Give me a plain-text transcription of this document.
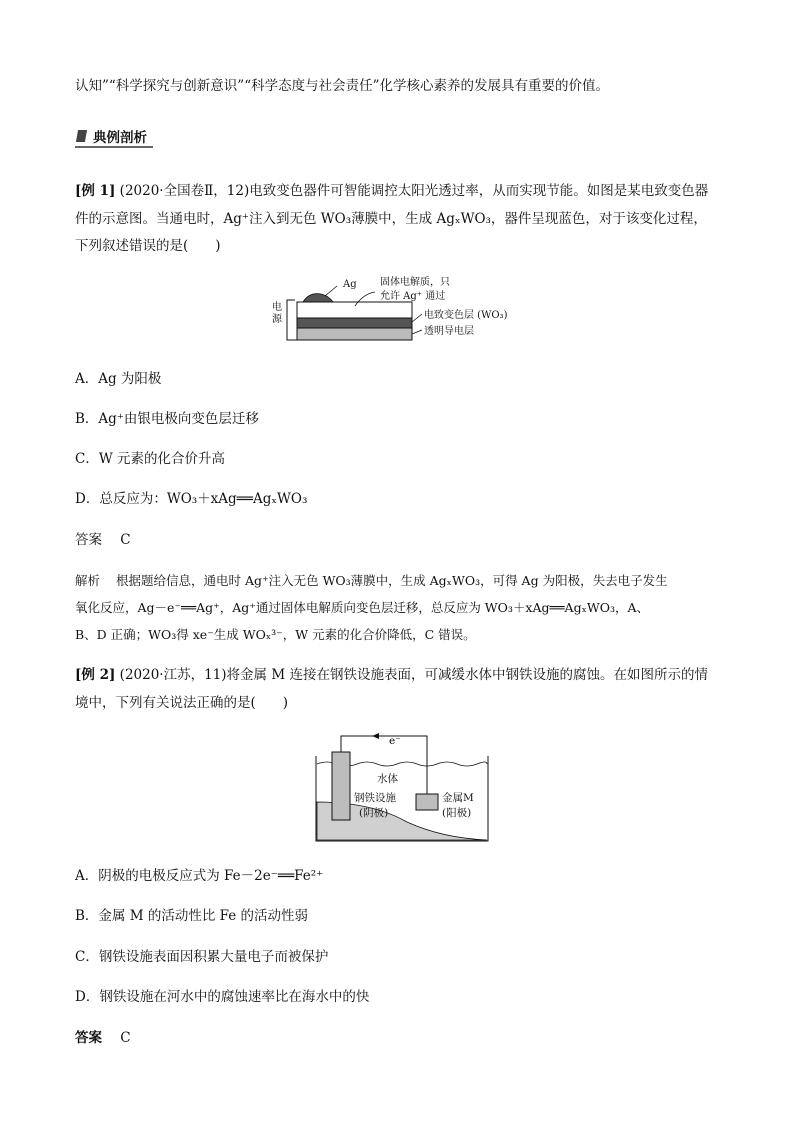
认知”“科学探究与创新意识”“科学态度与社会责任”化学核心素养的发展具有重要的价值。
典例剖析
[例 1] (2020·全国卷Ⅱ，12)电致变色器件可智能调控太阳光透过率，从而实现节能。如图是某电致变色器
件的示意图。当通电时，Ag⁺注入到无色 WO₃薄膜中，生成 AgₓWO₃，器件呈现蓝色，对于该变化过程，
下列叙述错误的是(　　)
Ag 固体电解质，只
允许 Ag⁺ 通过
电致变色层 (WO₃)
透明导电层
电源
A．Ag 为阳极
B．Ag⁺由银电极向变色层迁移
C．W 元素的化合价升高
D．总反应为：WO₃＋xAg══AgₓWO₃
答案 C
解析 根据题给信息，通电时 Ag⁺注入无色 WO₃薄膜中，生成 AgₓWO₃，可得 Ag 为阳极，失去电子发生
氧化反应，Ag－e⁻══Ag⁺，Ag⁺通过固体电解质向变色层迁移，总反应为 WO₃＋xAg══AgₓWO₃，A、
B、D 正确；WO₃得 xe⁻生成 WOₓ³⁻，W 元素的化合价降低，C 错误。
[例 2] (2020·江苏，11)将金属 M 连接在钢铁设施表面，可减缓水体中钢铁设施的腐蚀。在如图所示的情
境中，下列有关说法正确的是(　　)
e⁻
水体
钢铁设施
(阴极)
金属M
(阳极)
A．阴极的电极反应式为 Fe－2e⁻══Fe²⁺
B．金属 M 的活动性比 Fe 的活动性弱
C．钢铁设施表面因积累大量电子而被保护
D．钢铁设施在河水中的腐蚀速率比在海水中的快
答案 C
